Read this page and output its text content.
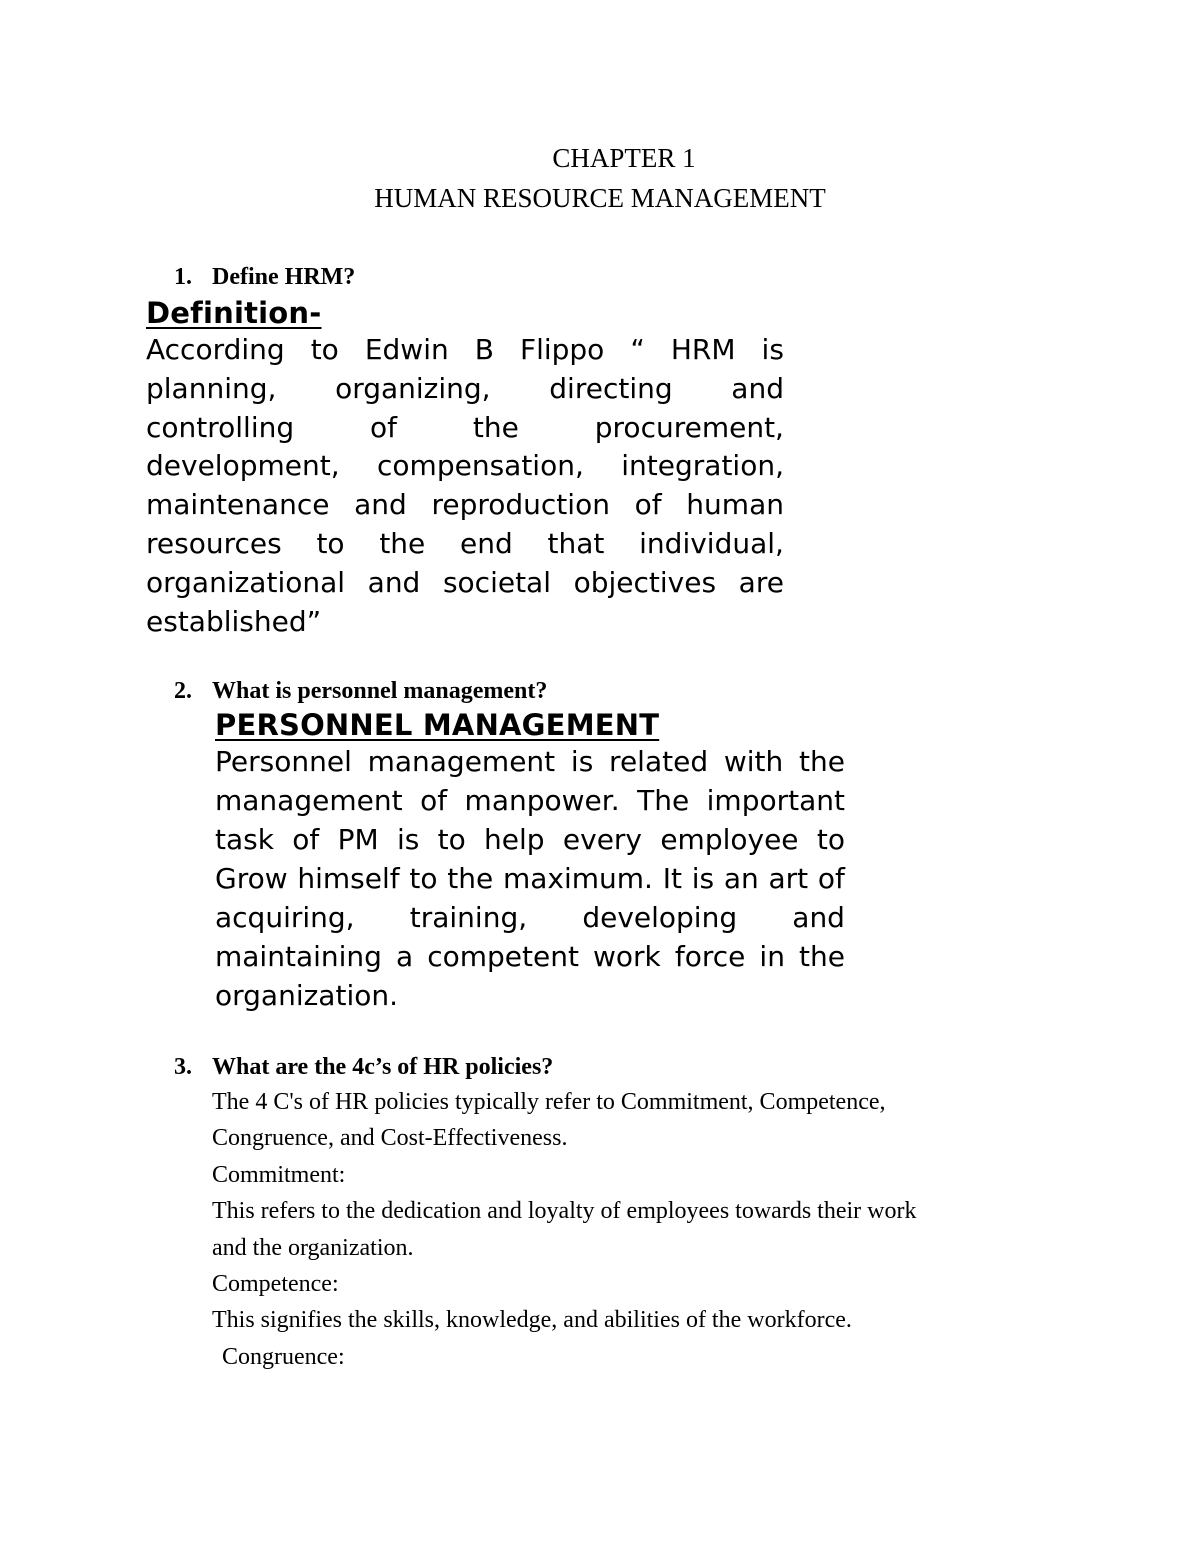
CHAPTER 1
HUMAN RESOURCE MANAGEMENT
1. Define HRM?
Definition-
According to Edwin B Flippo “ HRM is
planning, organizing, directing and
controlling	of	the	procurement,
development, compensation, integration,
maintenance and reproduction of human
resources to the end that individual,
organizational and societal objectives are
established”
2. What is personnel management?
PERSONNEL MANAGEMENT
Personnel management is related with the
management of manpower. The important
task of PM is to help every employee to
Grow himself to the maximum. It is an art of
acquiring, training, developing and
maintaining a competent work force in the
organization.
3. What are the 4c’s of HR policies?
The 4 C's of HR policies typically refer to Commitment, Competence,
Congruence, and Cost-Effectiveness.
Commitment:
This refers to the dedication and loyalty of employees towards their work
and the organization.
Competence:
This signifies the skills, knowledge, and abilities of the workforce.
Congruence:
